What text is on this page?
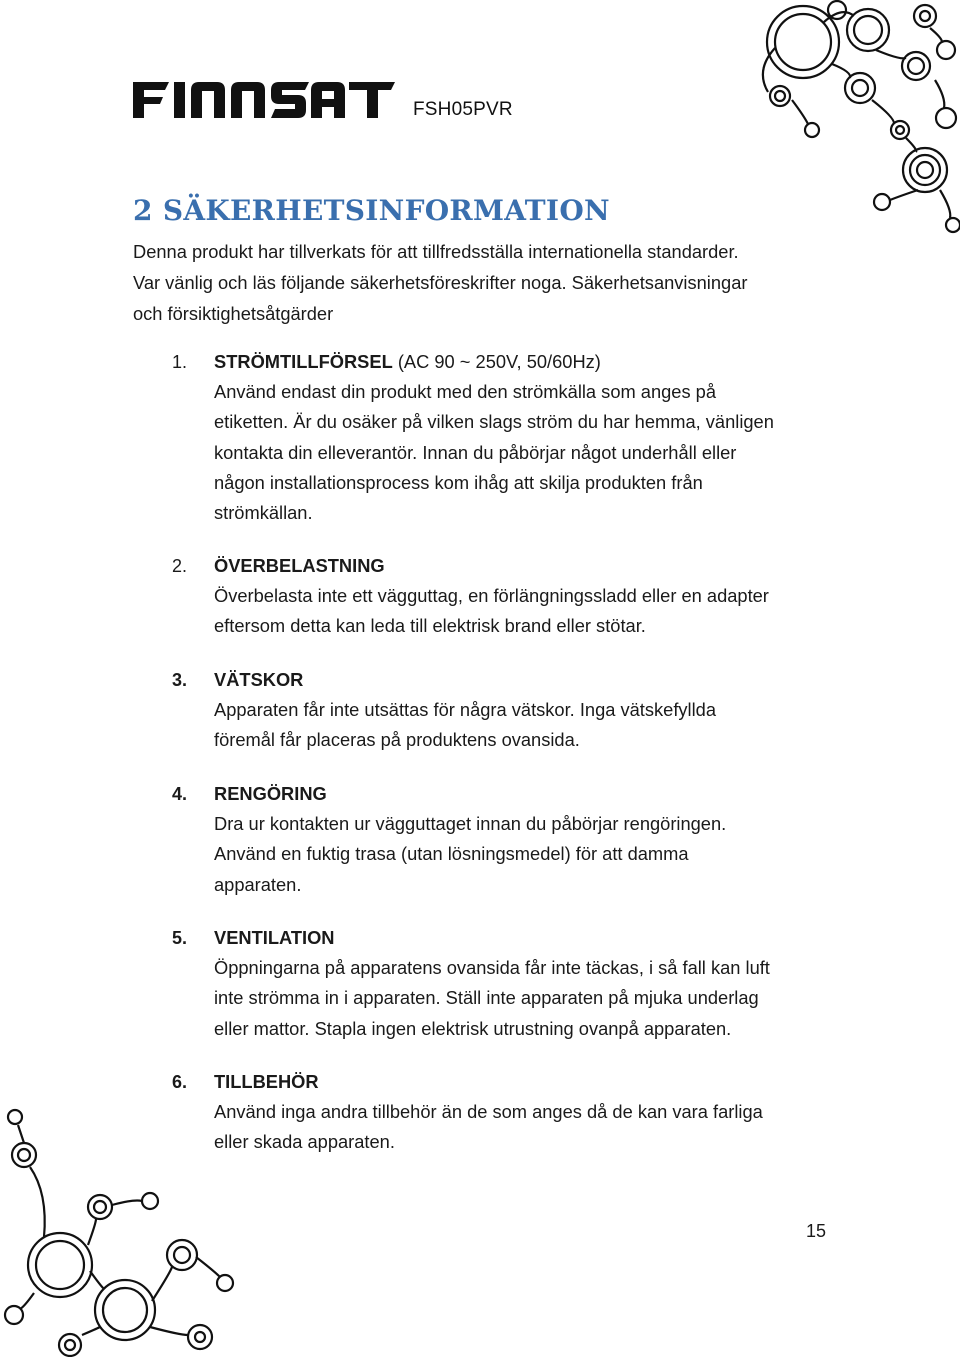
FSH05PVR
2 SÄKERHETSINFORMATION
Denna produkt har tillverkats för att tillfredsställa internationella standarder.
Var vänlig och läs följande säkerhetsföreskrifter noga. Säkerhetsanvisningar
och försiktighetsåtgärder
1. STRÖMTILLFÖRSEL (AC 90 ~ 250V, 50/60Hz)
Använd endast din produkt med den strömkälla som anges på
etiketten. Är du osäker på vilken slags ström du har hemma, vänligen
kontakta din elleverantör. Innan du påbörjar något underhåll eller
någon installationsprocess kom ihåg att skilja produkten från
strömkällan.
2. ÖVERBELASTNING
Överbelasta inte ett vägguttag, en förlängningssladd eller en adapter
eftersom detta kan leda till elektrisk brand eller stötar.
3. VÄTSKOR
Apparaten får inte utsättas för några vätskor. Inga vätskefyllda
föremål får placeras på produktens ovansida.
4. RENGÖRING
Dra ur kontakten ur vägguttaget innan du påbörjar rengöringen.
Använd en fuktig trasa (utan lösningsmedel) för att damma
apparaten.
5. VENTILATION
Öppningarna på apparatens ovansida får inte täckas, i så fall kan luft
inte strömma in i apparaten. Ställ inte apparaten på mjuka underlag
eller mattor. Stapla ingen elektrisk utrustning ovanpå apparaten.
6. TILLBEHÖR
Använd inga andra tillbehör än de som anges då de kan vara farliga
eller skada apparaten.
15
